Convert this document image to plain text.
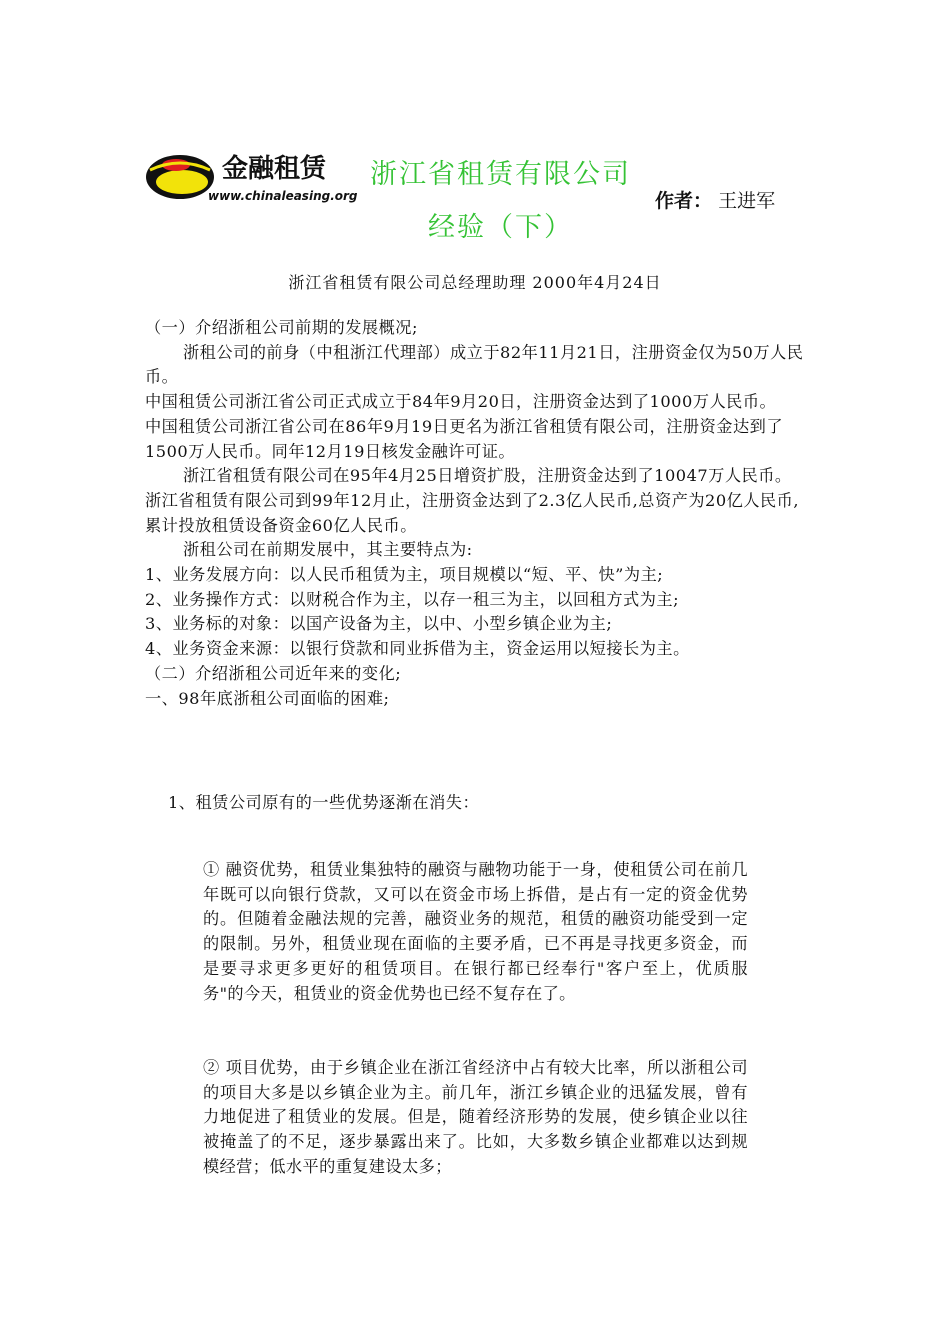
金融租赁
www.chinaleasing.org
浙江省租赁有限公司
经验（下）
作者： 王进军
浙江省租赁有限公司总经理助理 2000年4月24日

（一）介绍浙租公司前期的发展概况;

浙租公司的前身（中租浙江代理部）成立于82年11月21日，注册资金仅为50万人民币。

中国租赁公司浙江省公司正式成立于84年9月20日，注册资金达到了1000万人民币。

中国租赁公司浙江省公司在86年9月19日更名为浙江省租赁有限公司，注册资金达到了1500万人民币。同年12月19日核发金融许可证。

浙江省租赁有限公司在95年4月25日增资扩股，注册资金达到了10047万人民币。

浙江省租赁有限公司到99年12月止，注册资金达到了2.3亿人民币,总资产为20亿人民币,累计投放租赁设备资金60亿人民币。

浙租公司在前期发展中，其主要特点为:

1、业务发展方向：以人民币租赁为主，项目规模以“短、平、快”为主;

2、业务操作方式：以财税合作为主，以存一租三为主，以回租方式为主;

3、业务标的对象：以国产设备为主，以中、小型乡镇企业为主;

4、业务资金来源：以银行贷款和同业拆借为主，资金运用以短接长为主。

（二）介绍浙租公司近年来的变化;

一、98年底浙租公司面临的困难;

1、租赁公司原有的一些优势逐渐在消失：

① 融资优势，租赁业集独特的融资与融物功能于一身，使租赁公司在前几年既可以向银行贷款，又可以在资金市场上拆借，是占有一定的资金优势的。但随着金融法规的完善，融资业务的规范，租赁的融资功能受到一定的限制。另外，租赁业现在面临的主要矛盾，已不再是寻找更多资金，而是要寻求更多更好的租赁项目。在银行都已经奉行"客户至上，优质服务"的今天，租赁业的资金优势也已经不复存在了。

② 项目优势，由于乡镇企业在浙江省经济中占有较大比率，所以浙租公司的项目大多是以乡镇企业为主。前几年，浙江乡镇企业的迅猛发展，曾有力地促进了租赁业的发展。但是，随着经济形势的发展，使乡镇企业以往被掩盖了的不足，逐步暴露出来了。比如，大多数乡镇企业都难以达到规模经营；低水平的重复建设太多；
